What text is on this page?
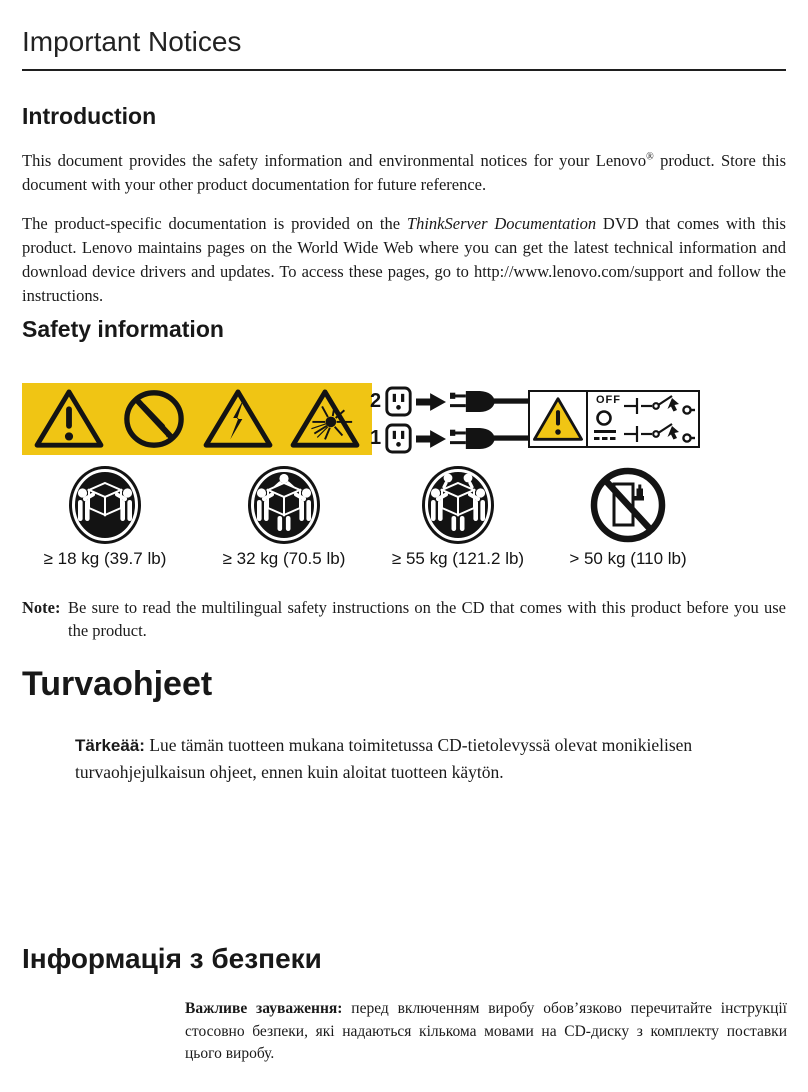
Important Notices
Introduction

This document provides the safety information and environmental notices for your Lenovo® product. Store this document with your other product documentation for future reference.

The product-specific documentation is provided on the ThinkServer Documentation DVD that comes with this product. Lenovo maintains pages on the World Wide Web where you can get the latest technical information and download device drivers and updates. To access these pages, go to http://www.lenovo.com/support and follow the instructions.

Safety information
2
1
OFF
≥ 18 kg (39.7 lb)	≥ 32 kg (70.5 lb)	≥ 55 kg (121.2 lb)	> 50 kg (110 lb)
Note: Be sure to read the multilingual safety instructions on the CD that comes with this product before you use the product.
Turvaohjeet

Tärkeää: Lue tämän tuotteen mukana toimitetussa CD-tietolevyssä olevat monikielisen turvaohjejulkaisun ohjeet, ennen kuin aloitat tuotteen käytön.

Інформація з безпеки

Важливе зауваження: перед включенням виробу обов’язково перечитайте інструкції стосовно безпеки, які надаються кількома мовами на CD-диску з комплекту поставки цього виробу.
